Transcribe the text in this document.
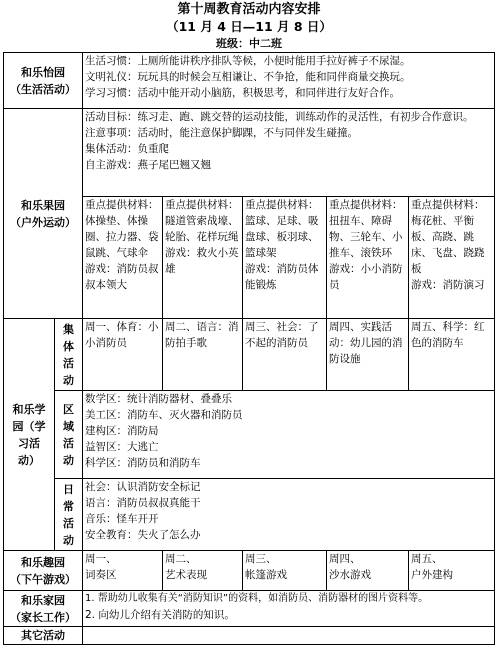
第十周教育活动内容安排
（11 月 4 日—11 月 8 日）
班级：中二班
和乐怡园
（生活活动）		生活习惯：上厕所能讲秩序排队等候，小便时能用手拉好裤子不尿湿。
文明礼仪：玩玩具的时候会互相谦让、不争抢，能和同伴商量交换玩。
学习习惯：活动中能开动小脑筋，积极思考，和同伴进行友好合作。				

和乐果园
（户外运动）		活动目标：练习走、跑、跳交替的运动技能，训练动作的灵活性，有初步合作意识。
注意事项：活动时，能注意保护脚踝，不与同伴发生碰撞。
集体活动：负重爬
自主游戏：燕子尾巴翘又翘				

		重点提供材料：体操垫、体操圈、拉力器、袋鼠跳、气球伞
游戏：消防员叔叔本领大	重点提供材料：隧道管索战壕、轮胎、花样玩绳
游戏：救火小英雄	重点提供材料：篮球、足球、吸盘球、板羽球、篮球架
游戏：消防员体能锻炼	重点提供材料：扭扭车、障碍物、三轮车、小推车、滚铁环
游戏：小小消防员	重点提供材料：梅花桩、平衡板、高跷、跳床、飞盘、跷跷板
游戏：消防演习

和乐学
园（学
习活
动）	集
体
活
动	周一、体育：小小消防员	周二、语言：消防拍手歌	周三、社会：了不起的消防员	周四、实践活动：幼儿园的消防设施	周五、科学：红色的消防车

	区
域
活
动	数学区：统计消防器材、叠叠乐
美工区：消防车、灭火器和消防员
建构区：消防局
益智区：大逃亡
科学区：消防员和消防车				

	日
常
活
动	社会：认识消防安全标记
语言：消防员叔叔真能干
音乐：怪车开开
安全教育：失火了怎么办				

和乐趣园
（下午游戏）		周一、
词奏区	周二、
艺术表现	周三、
帐篷游戏	周四、
沙水游戏	周五、
户外建构

和乐家园
（家长工作）		1. 帮助幼儿收集有关“消防知识”的资料，如消防员、消防器材的图片资料等。
2. 向幼儿介绍有关消防的知识。				

其它活动						
